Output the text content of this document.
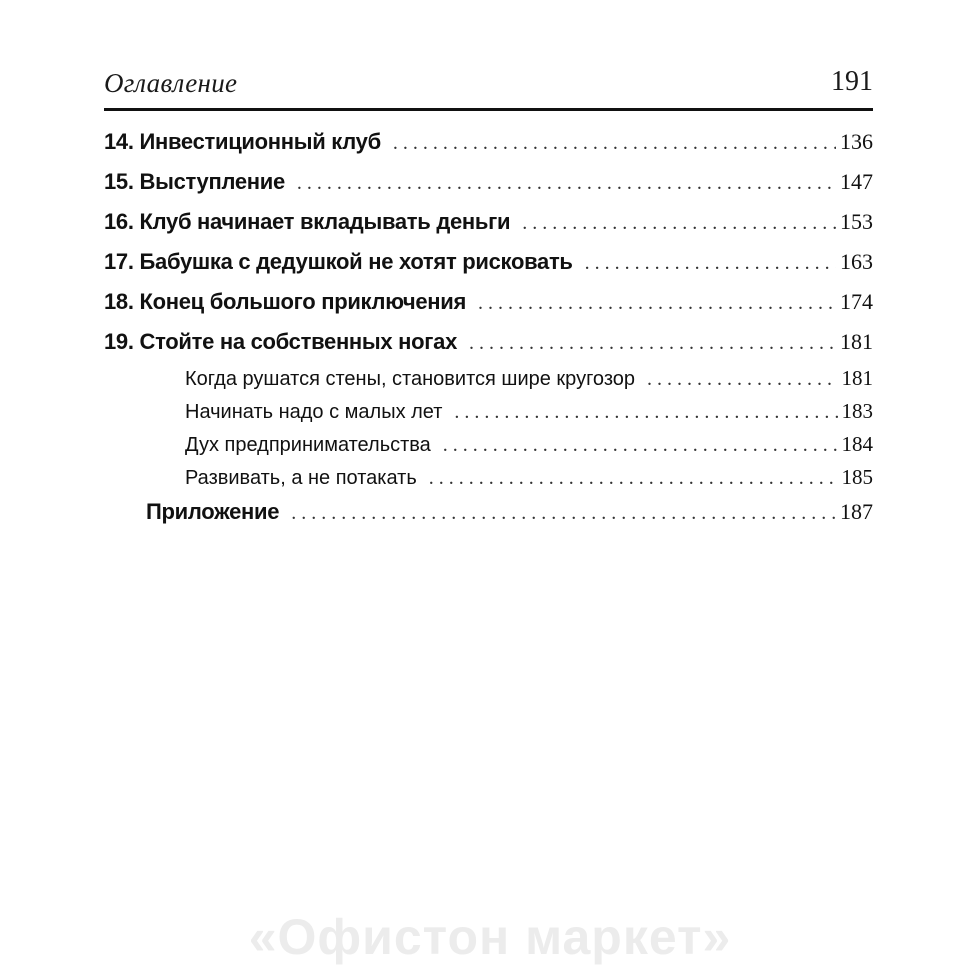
Оглавление	191
14. Инвестиционный клуб . . .	136
15. Выступление . . .	147
16. Клуб начинает вкладывать деньги . . .	153
17. Бабушка с дедушкой не хотят рисковать . . .	163
18. Конец большого приключения . . .	174
19. Стойте на собственных ногах . . .	181
Когда рушатся стены, становится шире кругозор . . .	181
Начинать надо с малых лет . . .	183
Дух предпринимательства . . .	184
Развивать, а не потакать . . .	185
Приложение . . .	187
«Офистон маркет»
